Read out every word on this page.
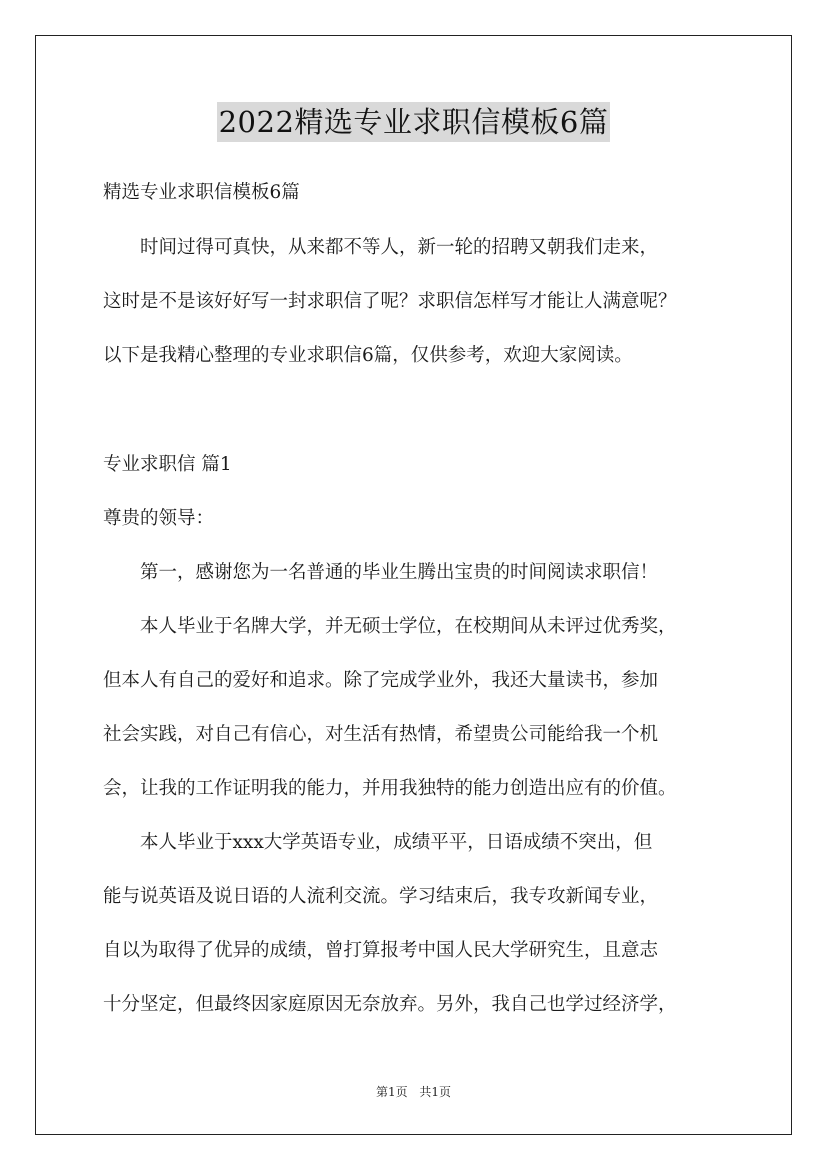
2022精选专业求职信模板6篇
精选专业求职信模板6篇
　　时间过得可真快，从来都不等人，新一轮的招聘又朝我们走来，
这时是不是该好好写一封求职信了呢？求职信怎样写才能让人满意呢？
以下是我精心整理的专业求职信6篇，仅供参考，欢迎大家阅读。
专业求职信 篇1
尊贵的领导：
　　第一，感谢您为一名普通的毕业生腾出宝贵的时间阅读求职信！
　　本人毕业于名牌大学，并无硕士学位，在校期间从未评过优秀奖，
但本人有自己的爱好和追求。除了完成学业外，我还大量读书，参加
社会实践，对自己有信心，对生活有热情，希望贵公司能给我一个机
会，让我的工作证明我的能力，并用我独特的能力创造出应有的价值。
　　本人毕业于xxx大学英语专业，成绩平平，日语成绩不突出，但
能与说英语及说日语的人流利交流。学习结束后，我专攻新闻专业，
自以为取得了优异的成绩，曾打算报考中国人民大学研究生，且意志
十分坚定，但最终因家庭原因无奈放弃。另外，我自己也学过经济学，
第1页 共1页
